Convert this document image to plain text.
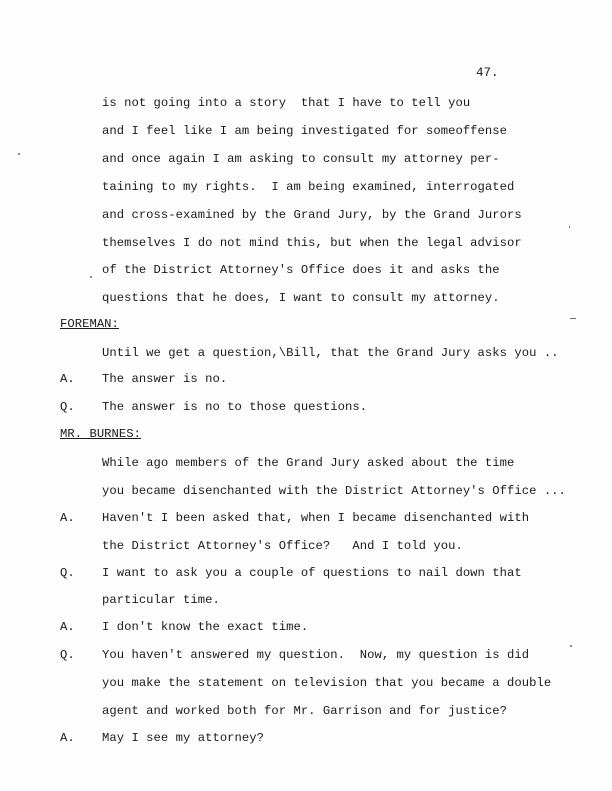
47.
is not going into a story  that I have to tell you
and I feel like I am being investigated for someoffense
and once again I am asking to consult my attorney per-
taining to my rights.  I am being examined, interrogated
and cross-examined by the Grand Jury, by the Grand Jurors
themselves I do not mind this, but when the legal advisor
of the District Attorney's Office does it and asks the
questions that he does, I want to consult my attorney.
FOREMAN:
Until we get a question,\Bill, that the Grand Jury asks you ..
A. The answer is no.
Q. The answer is no to those questions.
MR. BURNES:
While ago members of the Grand Jury asked about the time
you became disenchanted with the District Attorney's Office ...
A. Haven't I been asked that, when I became disenchanted with
the District Attorney's Office?   And I told you.
Q. I want to ask you a couple of questions to nail down that
particular time.
A. I don't know the exact time.
Q. You haven't answered my question.  Now, my question is did
you make the statement on television that you became a double
agent and worked both for Mr. Garrison and for justice?
A. May I see my attorney?
